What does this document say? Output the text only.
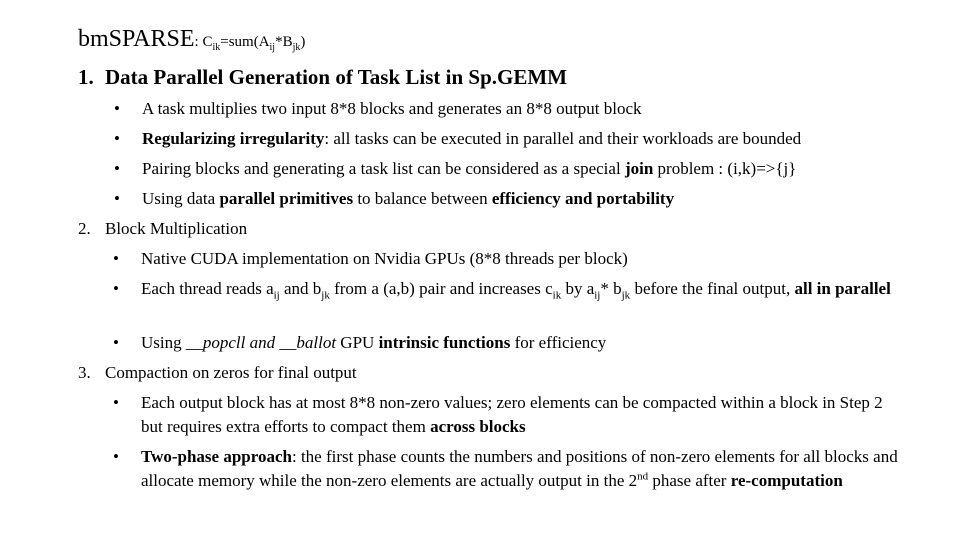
bmSPARSE: $C_{ik}=sum(A_{ij}*B_{jk})$
1. Data Parallel Generation of Task List in Sp.GEMM
• A task multiplies two input 8*8 blocks and generates an 8*8 output block
• Regularizing irregularity: all tasks can be executed in parallel and their workloads are bounded
• Pairing blocks and generating a task list can be considered as a special join problem : (i,k)=>{j}
• Using data parallel primitives to balance between efficiency and portability
2. Block Multiplication
• Native CUDA implementation on Nvidia GPUs (8*8 threads per block)
• Each thread reads $a_{ij}$ and $b_{jk}$ from a (a,b) pair and increases $c_{ik}$ by $a_{ij}*$ $b_{jk}$ before the final output, all in parallel
• Using __popcll and __ballot GPU intrinsic functions for efficiency
3. Compaction on zeros for final output
• Each output block has at most 8*8 non-zero values; zero elements can be compacted within a block in Step 2 but requires extra efforts to compact them across blocks
• Two-phase approach: the first phase counts the numbers and positions of non-zero elements for all blocks and allocate memory while the non-zero elements are actually output in the 2nd phase after re-computation
